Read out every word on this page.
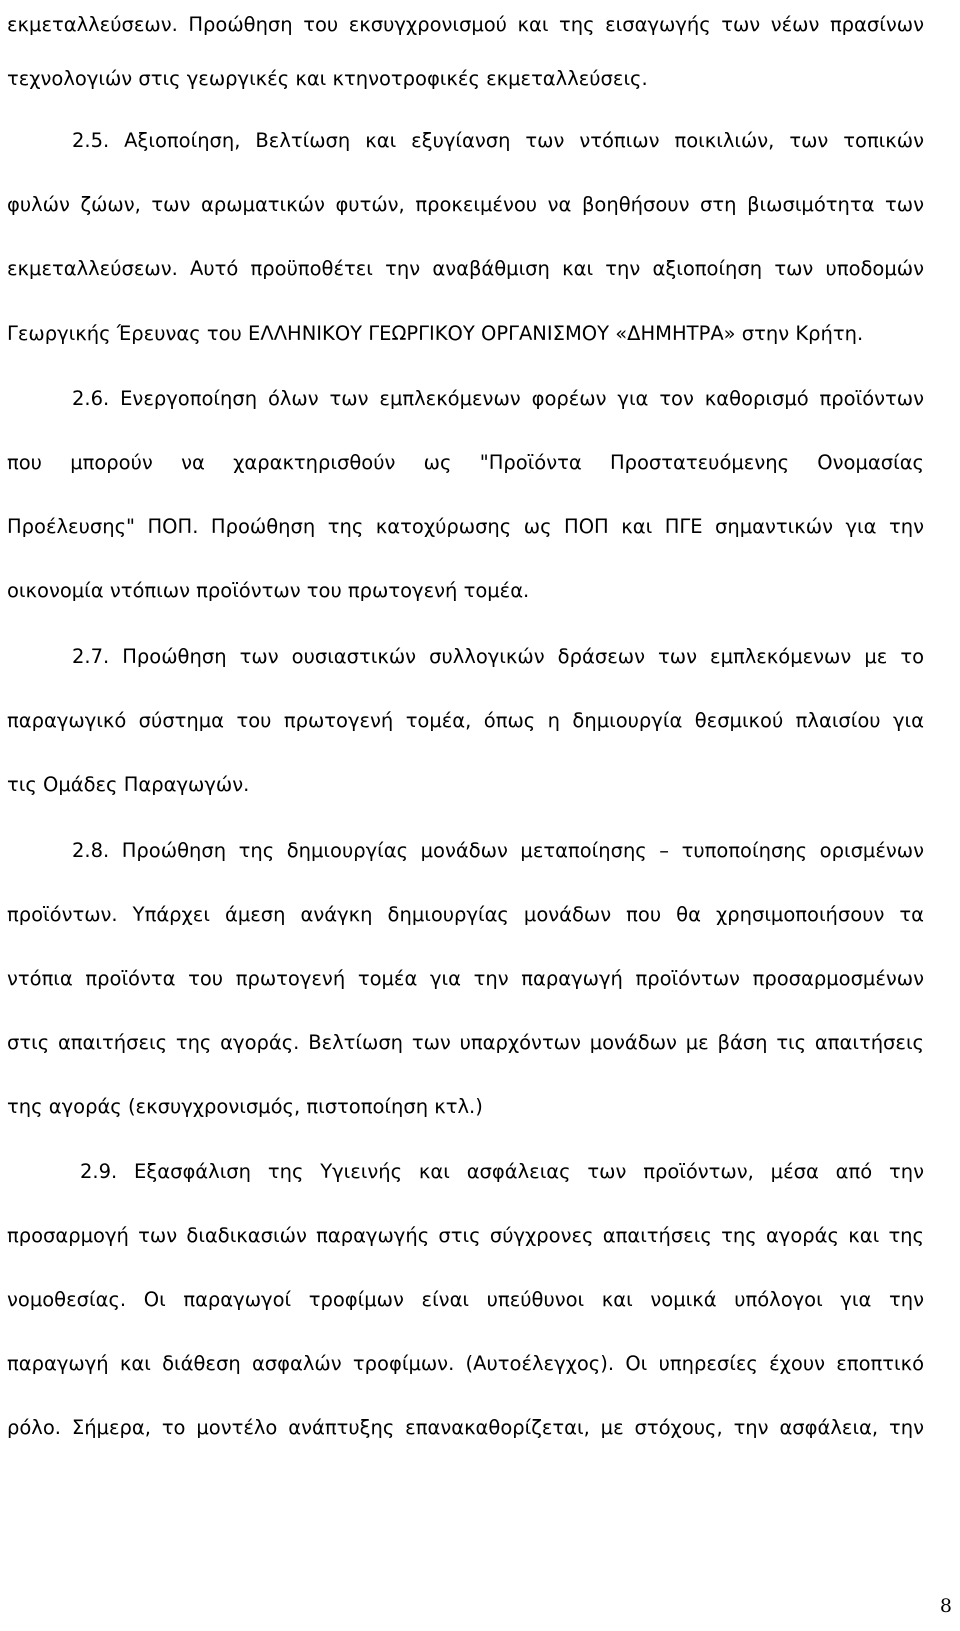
εκμεταλλεύσεων. Προώθηση του εκσυγχρονισμού και της εισαγωγής των νέων πρασίνων
τεχνολογιών στις γεωργικές και κτηνοτροφικές εκμεταλλεύσεις.
2.5. Αξιοποίηση, Βελτίωση και εξυγίανση των ντόπιων ποικιλιών, των τοπικών
φυλών ζώων, των αρωματικών φυτών, προκειμένου να βοηθήσουν στη βιωσιμότητα των
εκμεταλλεύσεων. Αυτό προϋποθέτει την αναβάθμιση και την αξιοποίηση των υποδομών
Γεωργικής Έρευνας του ΕΛΛΗΝΙΚΟΥ ΓΕΩΡΓΙΚΟΥ ΟΡΓΑΝΙΣΜΟΥ «ΔΗΜΗΤΡΑ» στην Κρήτη.
2.6. Ενεργοποίηση όλων των εμπλεκόμενων φορέων για τον καθορισμό προϊόντων
που μπορούν να χαρακτηρισθούν ως "Προϊόντα Προστατευόμενης Ονομασίας
Προέλευσης" ΠΟΠ. Προώθηση της κατοχύρωσης ως ΠΟΠ και ΠΓΕ σημαντικών για την
οικονομία ντόπιων προϊόντων του πρωτογενή τομέα.
2.7. Προώθηση των ουσιαστικών συλλογικών δράσεων των εμπλεκόμενων με το
παραγωγικό σύστημα του πρωτογενή τομέα, όπως η δημιουργία θεσμικού πλαισίου για
τις Ομάδες Παραγωγών.
2.8. Προώθηση της δημιουργίας μονάδων μεταποίησης – τυποποίησης ορισμένων
προϊόντων. Υπάρχει άμεση ανάγκη δημιουργίας μονάδων που θα χρησιμοποιήσουν τα
ντόπια προϊόντα του πρωτογενή τομέα για την παραγωγή προϊόντων προσαρμοσμένων
στις απαιτήσεις της αγοράς. Βελτίωση των υπαρχόντων μονάδων με βάση τις απαιτήσεις
της αγοράς (εκσυγχρονισμός, πιστοποίηση κτλ.)
2.9. Εξασφάλιση της Υγιεινής και ασφάλειας των προϊόντων, μέσα από την
προσαρμογή των διαδικασιών παραγωγής στις σύγχρονες απαιτήσεις της αγοράς και της
νομοθεσίας. Οι παραγωγοί τροφίμων είναι υπεύθυνοι και νομικά υπόλογοι για την
παραγωγή και διάθεση ασφαλών τροφίμων. (Αυτοέλεγχος). Οι υπηρεσίες έχουν εποπτικό
ρόλο. Σήμερα, το μοντέλο ανάπτυξης επανακαθορίζεται, με στόχους, την ασφάλεια, την
8
